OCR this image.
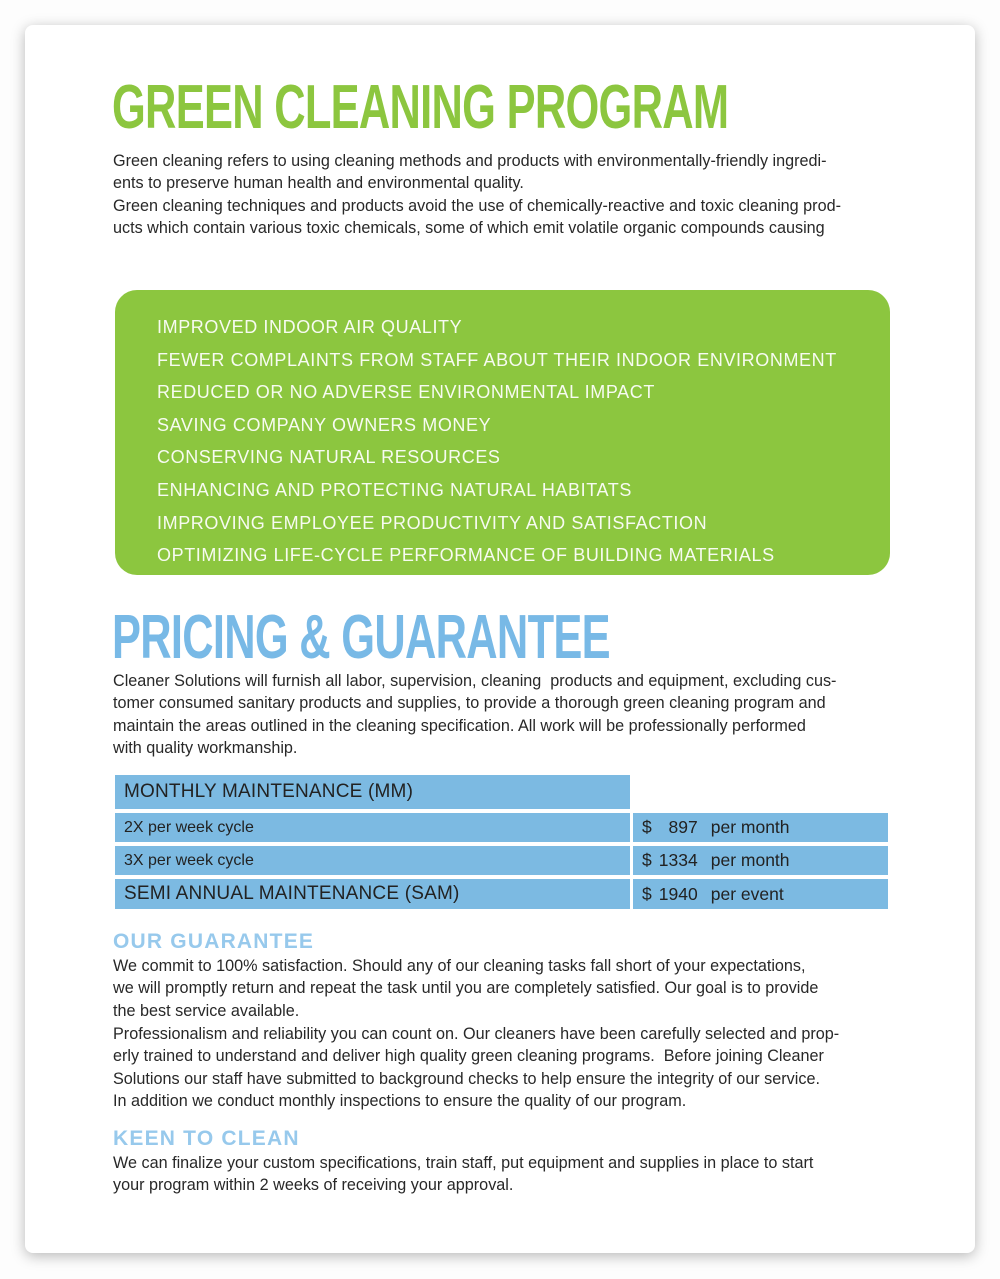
GREEN CLEANING PROGRAM
Green cleaning refers to using cleaning methods and products with environmentally-friendly ingredi-
ents to preserve human health and environmental quality.
Green cleaning techniques and products avoid the use of chemically-reactive and toxic cleaning prod-
ucts which contain various toxic chemicals, some of which emit volatile organic compounds causing
IMPROVED INDOOR AIR QUALITY
FEWER COMPLAINTS FROM STAFF ABOUT THEIR INDOOR ENVIRONMENT
REDUCED OR NO ADVERSE ENVIRONMENTAL IMPACT
SAVING COMPANY OWNERS MONEY
CONSERVING NATURAL RESOURCES
ENHANCING AND PROTECTING NATURAL HABITATS
IMPROVING EMPLOYEE PRODUCTIVITY AND SATISFACTION
OPTIMIZING LIFE-CYCLE PERFORMANCE OF BUILDING MATERIALS
PRICING & GUARANTEE
Cleaner Solutions will furnish all labor, supervision, cleaning  products and equipment, excluding cus-
tomer consumed sanitary products and supplies, to provide a thorough green cleaning program and
maintain the areas outlined in the cleaning specification. All work will be professionally performed
with quality workmanship.
MONTHLY MAINTENANCE (MM)
2X per week cycle	$ 897 per month
3X per week cycle	$ 1334 per month
SEMI ANNUAL MAINTENANCE (SAM)	$ 1940 per event
OUR GUARANTEE
We commit to 100% satisfaction. Should any of our cleaning tasks fall short of your expectations,
we will promptly return and repeat the task until you are completely satisfied. Our goal is to provide
the best service available.
Professionalism and reliability you can count on. Our cleaners have been carefully selected and prop-
erly trained to understand and deliver high quality green cleaning programs.  Before joining Cleaner
Solutions our staff have submitted to background checks to help ensure the integrity of our service.
In addition we conduct monthly inspections to ensure the quality of our program.
KEEN TO CLEAN
We can finalize your custom specifications, train staff, put equipment and supplies in place to start
your program within 2 weeks of receiving your approval.
